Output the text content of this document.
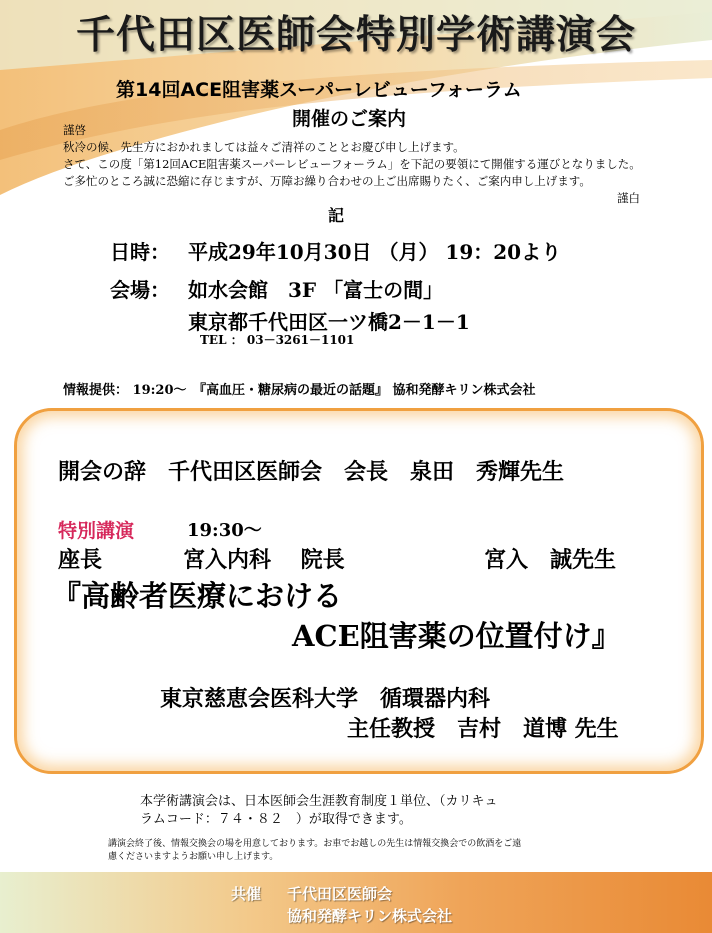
千代田区医師会特別学術講演会
第14回ACE阻害薬スーパーレビューフォーラム
開催のご案内
謹啓
秋冷の候、先生方におかれましては益々ご清祥のこととお慶び申し上げます。
さて、この度「第12回ACE阻害薬スーパーレビューフォーラム」を下記の要領にて開催する運びとなりました。
ご多忙のところ誠に恐縮に存じますが、万障お繰り合わせの上ご出席賜りたく、ご案内申し上げます。
謹白
記
日時： 平成29年10月30日 （月） 19：20より
会場： 如水会館　3F 「富士の間」
東京都千代田区一ツ橋2－1－1
TEL ： 03－3261－1101
情報提供： 19:20～　『高血圧・糖尿病の最近の話題』 協和発酵キリン株式会社
開会の辞　千代田区医師会　会長　泉田　秀輝先生
特別講演	19:30～
座長	宮入内科　 院長	宮入　誠先生
『高齢者医療における
ACE阻害薬の位置付け』
東京慈恵会医科大学　循環器内科
主任教授　吉村　道博 先生
本学術講演会は、日本医師会生涯教育制度１単位、（カリキュ
ラムコード：７４・８２　）が取得できます。
講演会終了後、情報交換会の場を用意しております。お車でお越しの先生は情報交換会での飲酒をご遠
慮くださいますようお願い申し上げます。
共催 千代田区医師会
協和発酵キリン株式会社
